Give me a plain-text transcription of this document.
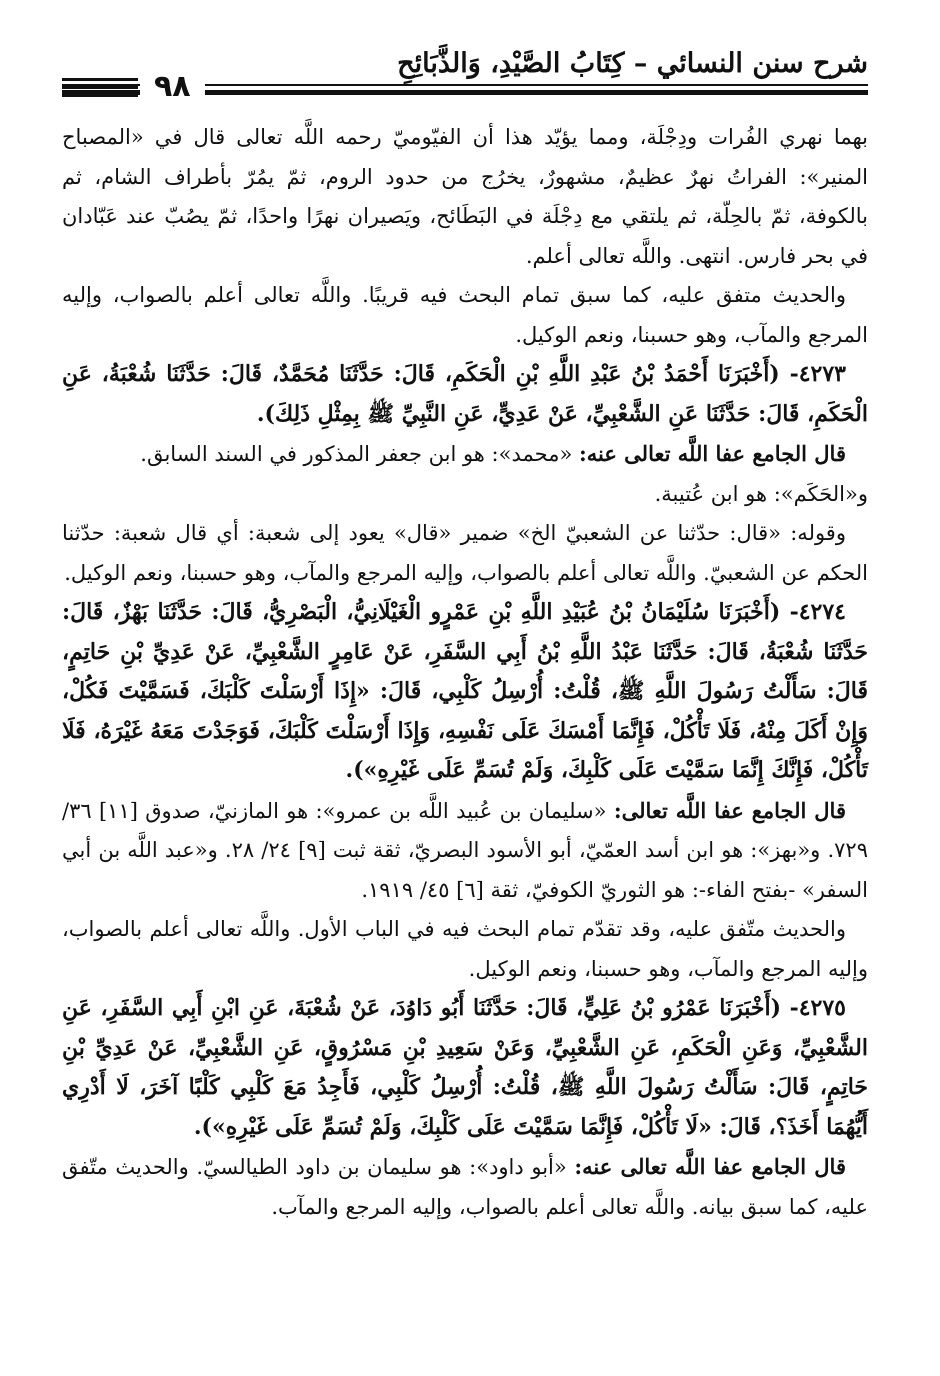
شرح سنن النسائي – كِتَابُ الصَّيْدِ، وَالذَّبَائِحِ
٩٨

بهما نهري الفُرات ودِجْلَة، ومما يؤيّد هذا أن الفيّوميّ رحمه اللَّه تعالى قال في «المصباح المنير»: الفراتُ نهرٌ عظيمٌ، مشهورٌ، يخرُج من حدود الروم، ثمّ يمُرّ بأطراف الشام، ثم بالكوفة، ثمّ بالحِلّة، ثم يلتقي مع دِجْلَة في البَطَائح، ويَصيران نهرًا واحدًا، ثمّ يصُبّ عند عَبّادان في بحر فارس. انتهى. واللَّه تعالى أعلم.

والحديث متفق عليه، كما سبق تمام البحث فيه قريبًا. واللَّه تعالى أعلم بالصواب، وإليه المرجع والمآب، وهو حسبنا، ونعم الوكيل.

٤٢٧٣- (أَخْبَرَنَا أَحْمَدُ بْنُ عَبْدِ اللَّهِ بْنِ الْحَكَمِ، قَالَ: حَدَّثَنَا مُحَمَّدٌ، قَالَ: حَدَّثَنَا شُعْبَةُ، عَنِ الْحَكَمِ، قَالَ: حَدَّثَنَا عَنِ الشَّعْبِيِّ، عَنْ عَدِيٍّ، عَنِ النَّبِيِّ ﷺ بِمِثْلِ ذَلِكَ).

قال الجامع عفا اللَّه تعالى عنه: «محمد»: هو ابن جعفر المذكور في السند السابق.

و«الحَكَم»: هو ابن عُتيبة.

وقوله: «قال: حدّثنا عن الشعبيّ الخ» ضمير «قال» يعود إلى شعبة: أي قال شعبة: حدّثنا الحكم عن الشعبيّ. واللَّه تعالى أعلم بالصواب، وإليه المرجع والمآب، وهو حسبنا، ونعم الوكيل.

٤٢٧٤- (أَخْبَرَنَا سُلَيْمَانُ بْنُ عُبَيْدِ اللَّهِ بْنِ عَمْرٍو الْغَيْلَانِيُّ، الْبَصْرِيُّ، قَالَ: حَدَّثَنَا بَهْزٌ، قَالَ: حَدَّثَنَا شُعْبَةُ، قَالَ: حَدَّثَنَا عَبْدُ اللَّهِ بْنُ أَبِي السَّفَرِ، عَنْ عَامِرٍ الشَّعْبِيِّ، عَنْ عَدِيِّ بْنِ حَاتِمٍ، قَالَ: سَأَلْتُ رَسُولَ اللَّهِ ﷺ، قُلْتُ: أُرْسِلُ كَلْبِي، قَالَ: «إِذَا أَرْسَلْتَ كَلْبَكَ، فَسَمَّيْتَ فَكُلْ، وَإِنْ أَكَلَ مِنْهُ، فَلَا تَأْكُلْ، فَإِنَّمَا أَمْسَكَ عَلَى نَفْسِهِ، وَإِذَا أَرْسَلْتَ كَلْبَكَ، فَوَجَدْتَ مَعَهُ غَيْرَهُ، فَلَا تَأْكُلْ، فَإِنَّكَ إِنَّمَا سَمَّيْتَ عَلَى كَلْبِكَ، وَلَمْ تُسَمِّ عَلَى غَيْرِهِ»).

قال الجامع عفا اللَّه تعالى: «سليمان بن عُبيد اللَّه بن عمرو»: هو المازنيّ، صدوق [١١] ٣٦/ ٧٢٩. و«بهز»: هو ابن أسد العمّيّ، أبو الأسود البصريّ، ثقة ثبت [٩] ٢٤/ ٢٨. و«عبد اللَّه بن أبي السفر» -بفتح الفاء-: هو الثوريّ الكوفيّ، ثقة [٦] ٤٥/ ١٩١٩.

والحديث متّفق عليه، وقد تقدّم تمام البحث فيه في الباب الأول. واللَّه تعالى أعلم بالصواب، وإليه المرجع والمآب، وهو حسبنا، ونعم الوكيل.

٤٢٧٥- (أَخْبَرَنَا عَمْرُو بْنُ عَلِيٍّ، قَالَ: حَدَّثَنَا أَبُو دَاوُدَ، عَنْ شُعْبَةَ، عَنِ ابْنِ أَبِي السَّفَرِ، عَنِ الشَّعْبِيِّ، وَعَنِ الْحَكَمِ، عَنِ الشَّعْبِيِّ، وَعَنْ سَعِيدِ بْنِ مَسْرُوقٍ، عَنِ الشَّعْبِيِّ، عَنْ عَدِيِّ بْنِ حَاتِمٍ، قَالَ: سَأَلْتُ رَسُولَ اللَّهِ ﷺ، قُلْتُ: أُرْسِلُ كَلْبِي، فَأَجِدُ مَعَ كَلْبِي كَلْبًا آخَرَ، لَا أَدْرِي أَيُّهُمَا أَخَذَ؟، قَالَ: «لَا تَأْكُلْ، فَإِنَّمَا سَمَّيْتَ عَلَى كَلْبِكَ، وَلَمْ تُسَمِّ عَلَى غَيْرِهِ»).

قال الجامع عفا اللَّه تعالى عنه: «أبو داود»: هو سليمان بن داود الطيالسيّ. والحديث متّفق عليه، كما سبق بيانه. واللَّه تعالى أعلم بالصواب، وإليه المرجع والمآب.
